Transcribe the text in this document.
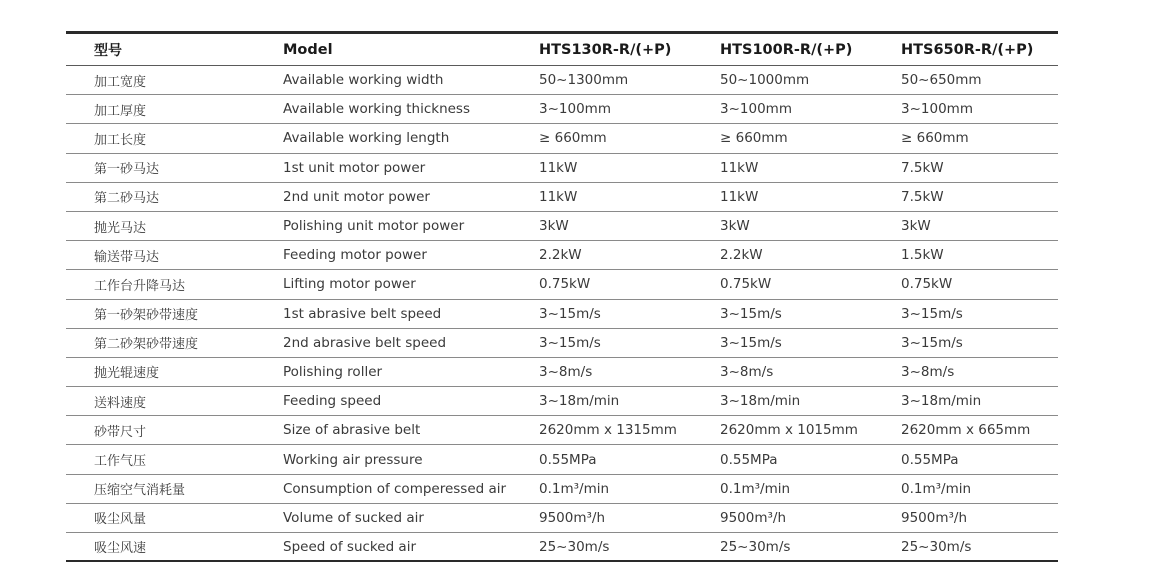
型号	Model	HTS130R-R/(+P)	HTS100R-R/(+P)	HTS650R-R/(+P)
加工宽度	Available working width	50~1300mm	50~1000mm	50~650mm
加工厚度	Available working thickness	3~100mm	3~100mm	3~100mm
加工长度	Available working length	≥ 660mm	≥ 660mm	≥ 660mm
第一砂马达	1st unit motor power	11kW	11kW	7.5kW
第二砂马达	2nd unit motor power	11kW	11kW	7.5kW
抛光马达	Polishing unit motor power	3kW	3kW	3kW
输送带马达	Feeding motor power	2.2kW	2.2kW	1.5kW
工作台升降马达	Lifting motor power	0.75kW	0.75kW	0.75kW
第一砂架砂带速度	1st abrasive belt speed	3~15m/s	3~15m/s	3~15m/s
第二砂架砂带速度	2nd abrasive belt speed	3~15m/s	3~15m/s	3~15m/s
抛光辊速度	Polishing roller	3~8m/s	3~8m/s	3~8m/s
送料速度	Feeding speed	3~18m/min	3~18m/min	3~18m/min
砂带尺寸	Size of abrasive belt	2620mm x 1315mm	2620mm x 1015mm	2620mm x 665mm
工作气压	Working air pressure	0.55MPa	0.55MPa	0.55MPa
压缩空气消耗量	Consumption of comperessed air	0.1m³/min	0.1m³/min	0.1m³/min
吸尘风量	Volume of sucked air	9500m³/h	9500m³/h	9500m³/h
吸尘风速	Speed of sucked air	25~30m/s	25~30m/s	25~30m/s
